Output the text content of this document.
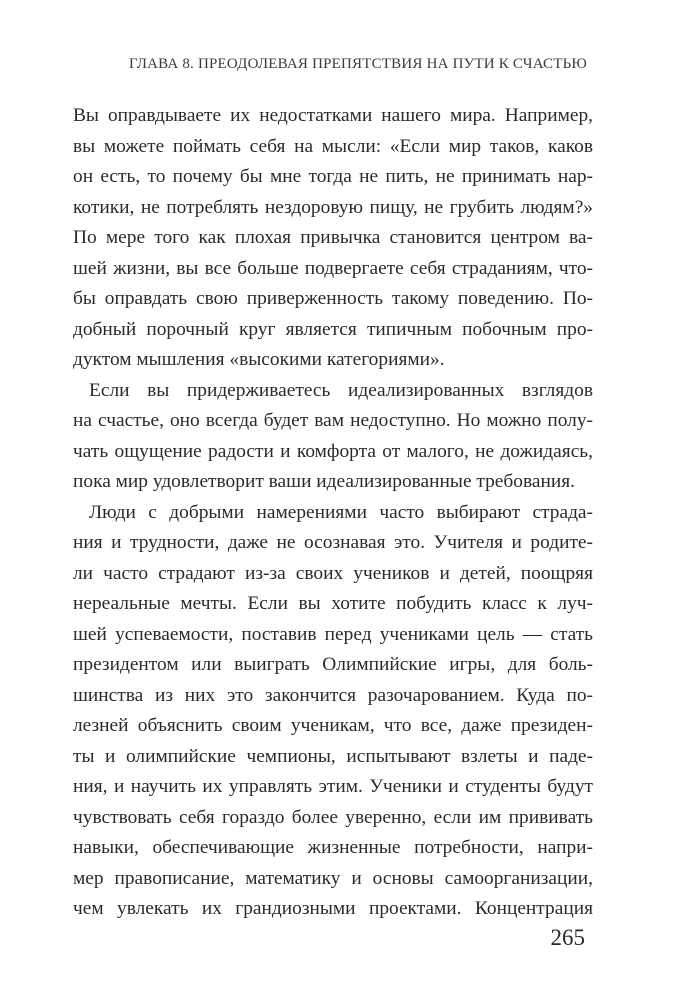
ГЛАВА 8. ПРЕОДОЛЕВАЯ ПРЕПЯТСТВИЯ НА ПУТИ К СЧАСТЬЮ
Вы оправдываете их недостатками нашего мира. Например,
вы можете поймать себя на мысли: «Если мир таков, каков
он есть, то почему бы мне тогда не пить, не принимать нар-
котики, не потреблять нездоровую пищу, не грубить людям?»
По мере того как плохая привычка становится центром ва-
шей жизни, вы все больше подвергаете себя страданиям, что-
бы оправдать свою приверженность такому поведению. По-
добный порочный круг является типичным побочным про-
дуктом мышления «высокими категориями».
Если вы придерживаетесь идеализированных взглядов
на счастье, оно всегда будет вам недоступно. Но можно полу-
чать ощущение радости и комфорта от малого, не дожидаясь,
пока мир удовлетворит ваши идеализированные требования.
Люди с добрыми намерениями часто выбирают страда-
ния и трудности, даже не осознавая это. Учителя и родите-
ли часто страдают из-за своих учеников и детей, поощряя
нереальные мечты. Если вы хотите побудить класс к луч-
шей успеваемости, поставив перед учениками цель — стать
президентом или выиграть Олимпийские игры, для боль-
шинства из них это закончится разочарованием. Куда по-
лезней объяснить своим ученикам, что все, даже президен-
ты и олимпийские чемпионы, испытывают взлеты и паде-
ния, и научить их управлять этим. Ученики и студенты будут
чувствовать себя гораздо более уверенно, если им прививать
навыки, обеспечивающие жизненные потребности, напри-
мер правописание, математику и основы самоорганизации,
чем увлекать их грандиозными проектами. Концентрация
265
